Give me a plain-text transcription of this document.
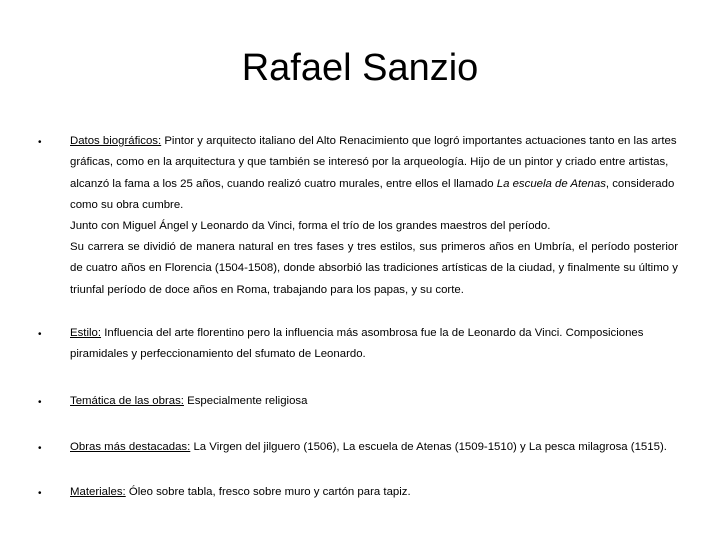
Rafael Sanzio
• Datos biográficos: Pintor y arquitecto italiano del Alto Renacimiento que logró importantes actuaciones tanto en las artes gráficas, como en la arquitectura y que también se interesó por la arqueología. Hijo de un pintor y criado entre artistas, alcanzó la fama a los 25 años, cuando realizó cuatro murales, entre ellos el llamado La escuela de Atenas, considerado como su obra cumbre.
Junto con Miguel Ángel y Leonardo da Vinci, forma el trío de los grandes maestros del período.
Su carrera se dividió de manera natural en tres fases y tres estilos, sus primeros años en Umbría, el período posterior de cuatro años en Florencia (1504-1508), donde absorbió las tradiciones artísticas de la ciudad, y finalmente su último y triunfal período de doce años en Roma, trabajando para los papas, y su corte.
• Estilo: Influencia del arte florentino pero la influencia más asombrosa fue la de Leonardo da Vinci. Composiciones piramidales y perfeccionamiento del sfumato de Leonardo.
• Temática de las obras: Especialmente religiosa
• Obras más destacadas: La Virgen del jilguero (1506), La escuela de Atenas (1509-1510) y La pesca milagrosa (1515).
• Materiales: Óleo sobre tabla, fresco sobre muro y cartón para tapiz.
